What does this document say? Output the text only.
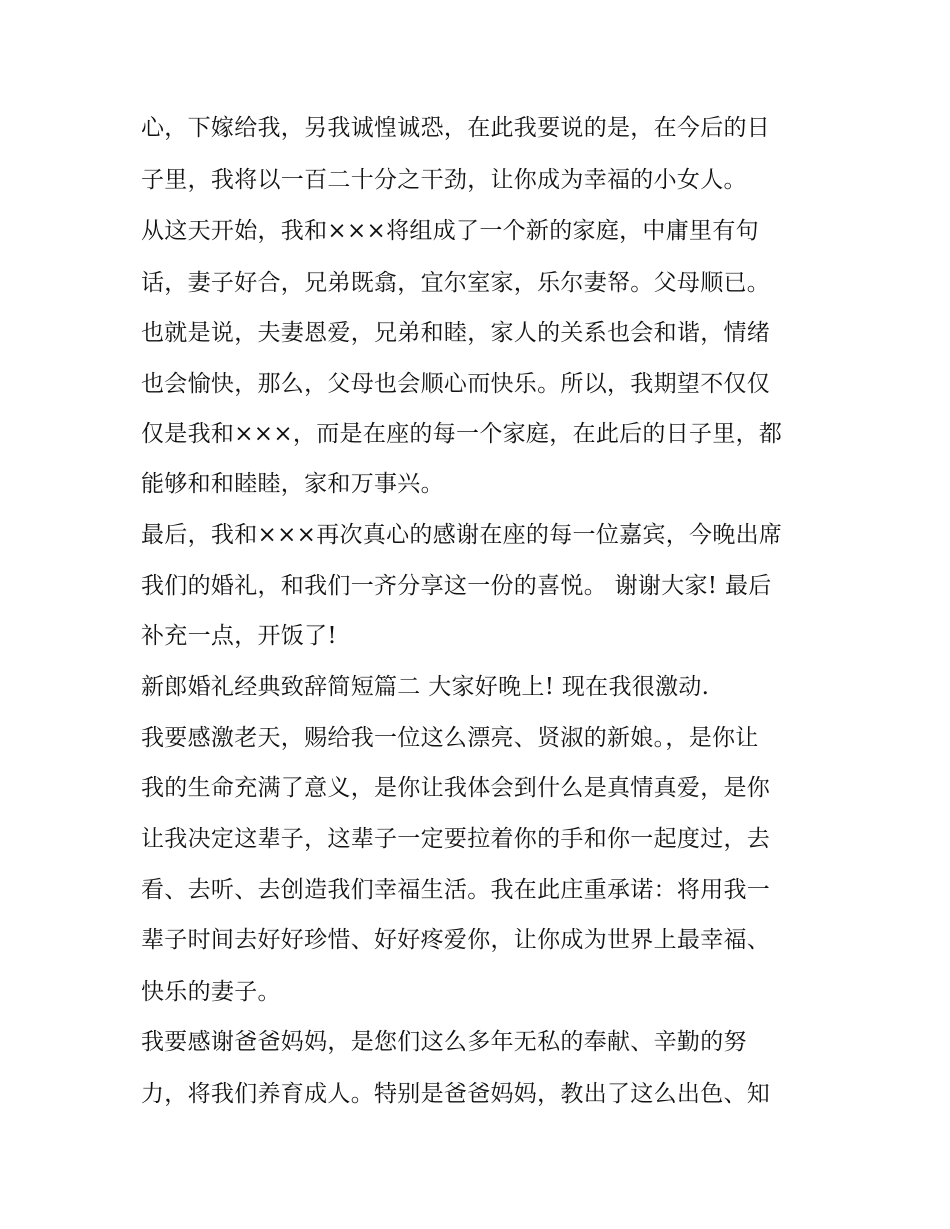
心，下嫁给我，另我诚惶诚恐，在此我要说的是，在今后的日
子里，我将以一百二十分之干劲，让你成为幸福的小女人。
从这天开始，我和×××将组成了一个新的家庭，中庸里有句
话，妻子好合，兄弟既翕，宜尔室家，乐尔妻帑。父母顺已。
也就是说，夫妻恩爱，兄弟和睦，家人的关系也会和谐，情绪
也会愉快，那么，父母也会顺心而快乐。所以，我期望不仅仅
仅是我和×××，而是在座的每一个家庭，在此后的日子里，都
能够和和睦睦，家和万事兴。
最后，我和×××再次真心的感谢在座的每一位嘉宾，今晚出席
我们的婚礼，和我们一齐分享这一份的喜悦。 谢谢大家! 最后
补充一点，开饭了!
新郎婚礼经典致辞简短篇二 大家好晚上! 现在我很激动.
我要感激老天，赐给我一位这么漂亮、贤淑的新娘。，是你让
我的生命充满了意义，是你让我体会到什么是真情真爱，是你
让我决定这辈子，这辈子一定要拉着你的手和你一起度过，去
看、去听、去创造我们幸福生活。我在此庄重承诺：将用我一
辈子时间去好好珍惜、好好疼爱你，让你成为世界上最幸福、
快乐的妻子。
我要感谢爸爸妈妈，是您们这么多年无私的奉献、辛勤的努
力，将我们养育成人。特别是爸爸妈妈，教出了这么出色、知
